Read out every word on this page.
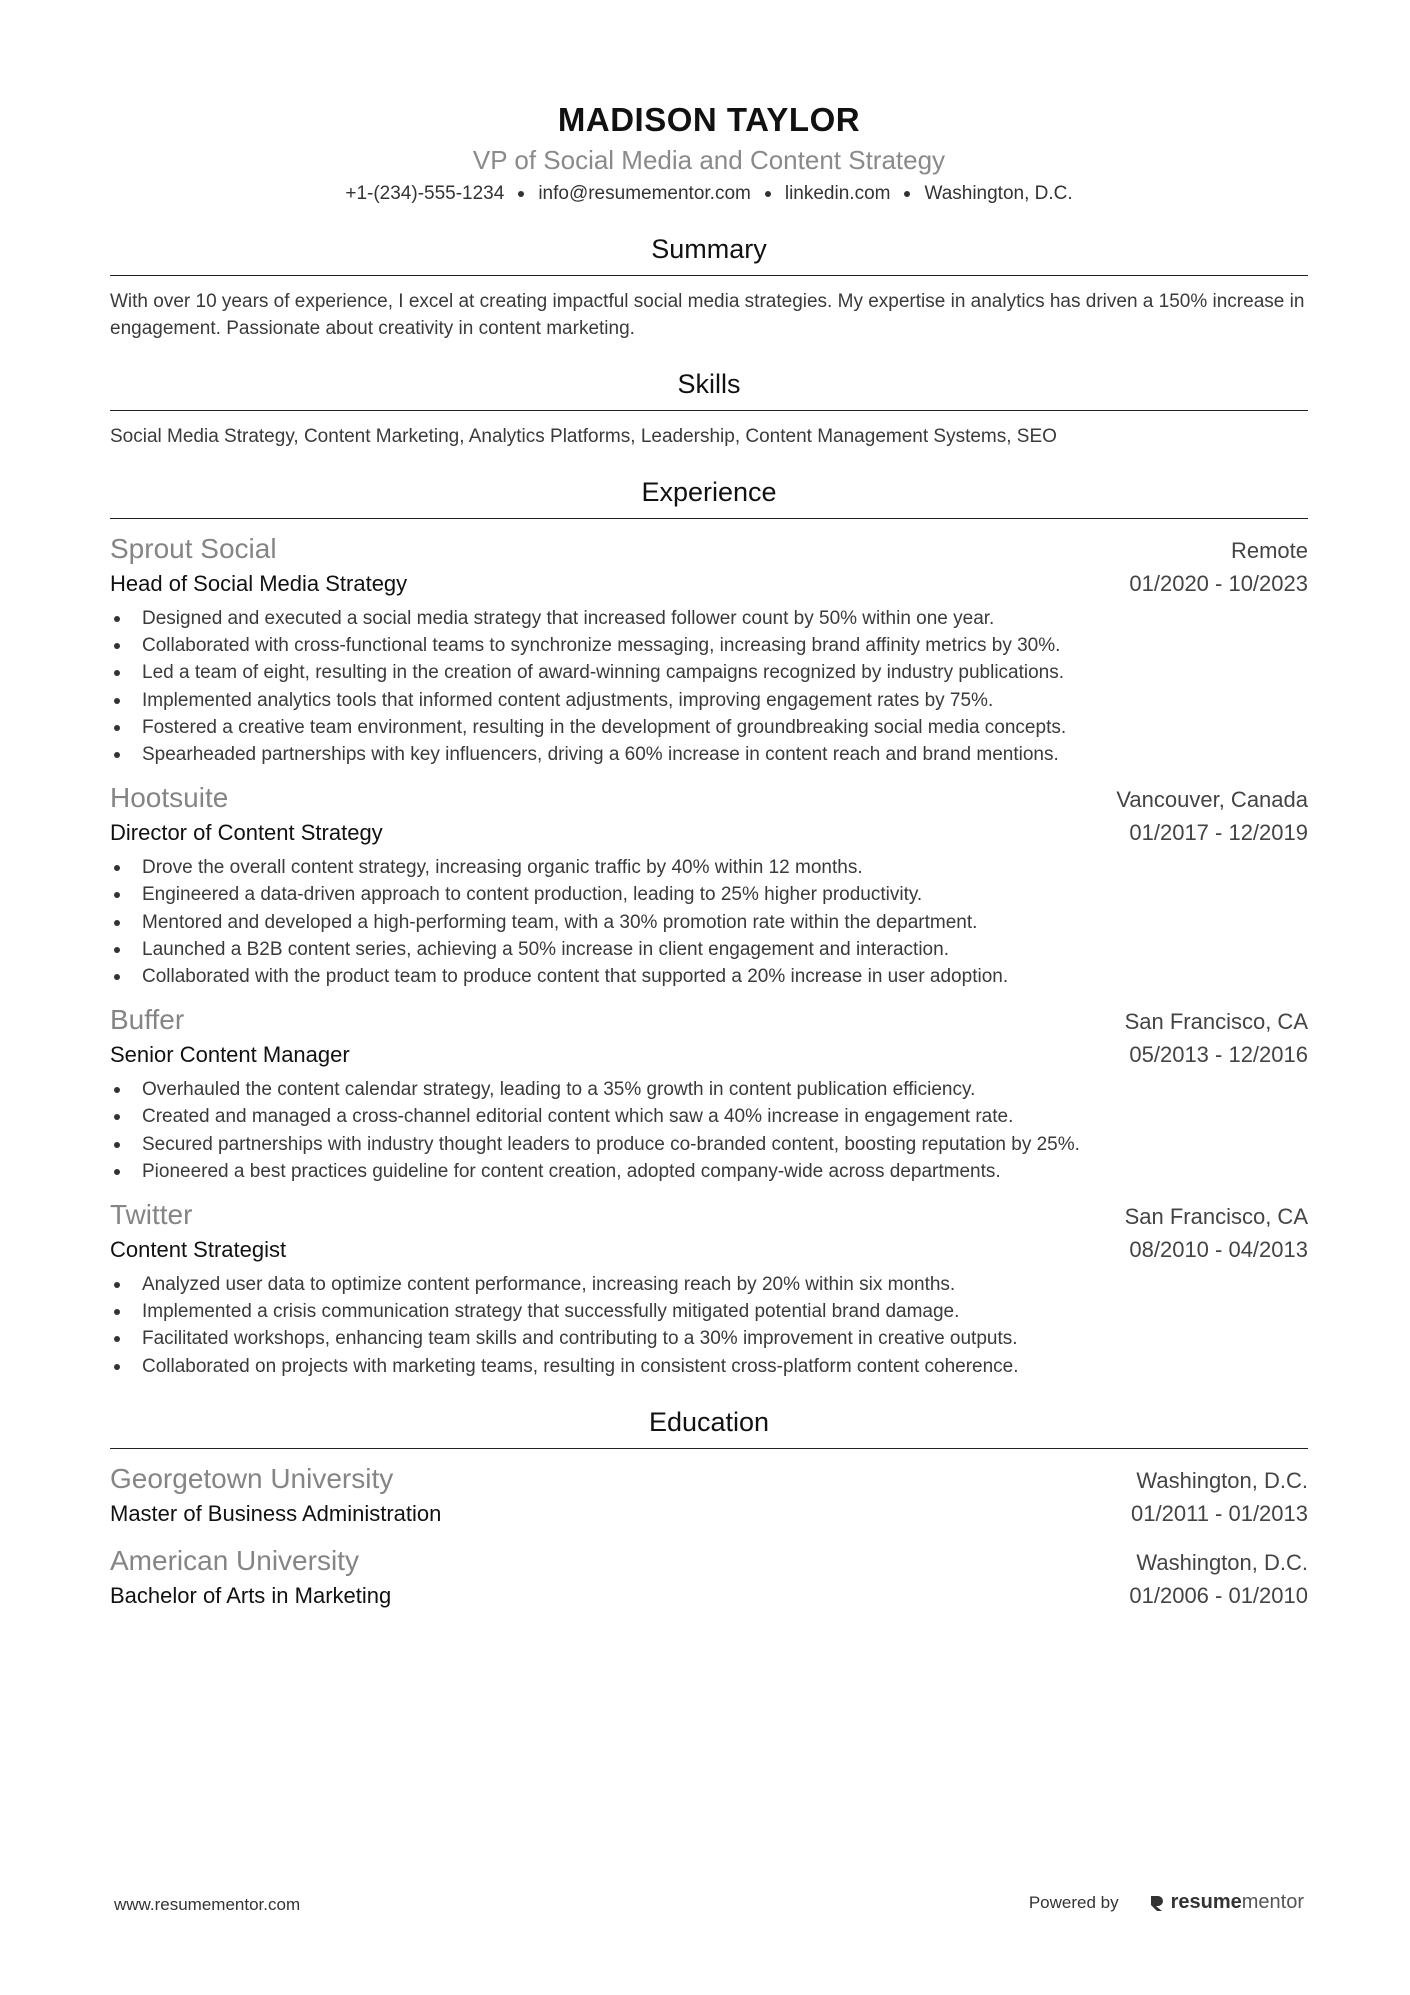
MADISON TAYLOR
VP of Social Media and Content Strategy
+1-(234)-555-1234 info@resumementor.com linkedin.com Washington, D.C.
Summary
With over 10 years of experience, I excel at creating impactful social media strategies. My expertise in analytics has driven a 150% increase in engagement. Passionate about creativity in content marketing.
Skills
Social Media Strategy, Content Marketing, Analytics Platforms, Leadership, Content Management Systems, SEO
Experience
Sprout Social	Remote
Head of Social Media Strategy	01/2020 - 10/2023
Designed and executed a social media strategy that increased follower count by 50% within one year.
Collaborated with cross-functional teams to synchronize messaging, increasing brand affinity metrics by 30%.
Led a team of eight, resulting in the creation of award-winning campaigns recognized by industry publications.
Implemented analytics tools that informed content adjustments, improving engagement rates by 75%.
Fostered a creative team environment, resulting in the development of groundbreaking social media concepts.
Spearheaded partnerships with key influencers, driving a 60% increase in content reach and brand mentions.
Hootsuite	Vancouver, Canada
Director of Content Strategy	01/2017 - 12/2019
Drove the overall content strategy, increasing organic traffic by 40% within 12 months.
Engineered a data-driven approach to content production, leading to 25% higher productivity.
Mentored and developed a high-performing team, with a 30% promotion rate within the department.
Launched a B2B content series, achieving a 50% increase in client engagement and interaction.
Collaborated with the product team to produce content that supported a 20% increase in user adoption.
Buffer	San Francisco, CA
Senior Content Manager	05/2013 - 12/2016
Overhauled the content calendar strategy, leading to a 35% growth in content publication efficiency.
Created and managed a cross-channel editorial content which saw a 40% increase in engagement rate.
Secured partnerships with industry thought leaders to produce co-branded content, boosting reputation by 25%.
Pioneered a best practices guideline for content creation, adopted company-wide across departments.
Twitter	San Francisco, CA
Content Strategist	08/2010 - 04/2013
Analyzed user data to optimize content performance, increasing reach by 20% within six months.
Implemented a crisis communication strategy that successfully mitigated potential brand damage.
Facilitated workshops, enhancing team skills and contributing to a 30% improvement in creative outputs.
Collaborated on projects with marketing teams, resulting in consistent cross-platform content coherence.
Education
Georgetown University	Washington, D.C.
Master of Business Administration	01/2011 - 01/2013
American University	Washington, D.C.
Bachelor of Arts in Marketing	01/2006 - 01/2010
www.resumementor.com	Powered by	resume mentor
